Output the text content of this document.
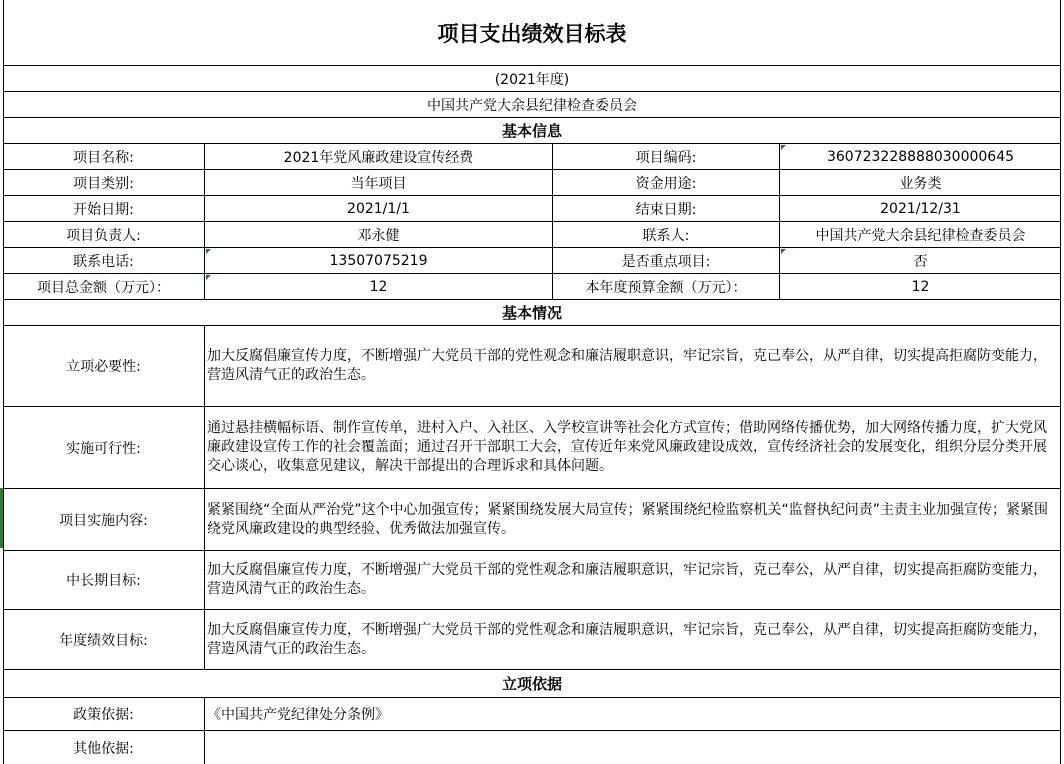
项目支出绩效目标表
(2021年度)
中国共产党大余县纪律检查委员会
基本信息
项目名称:	2021年党风廉政建设宣传经费	项目编码:	360723228888030000645
项目类别:	当年项目	资金用途:	业务类
开始日期:	2021/1/1	结束日期:	2021/12/31
项目负责人:	邓永健	联系人:	中国共产党大余县纪律检查委员会
联系电话:	13507075219	是否重点项目:	否
项目总金额（万元）：	12	本年度预算金额（万元）：	12
基本情况
立项必要性:
加大反腐倡廉宣传力度，不断增强广大党员干部的党性观念和廉洁履职意识，牢记宗旨，克己奉公，从严自律，切实提高拒腐防变能力，营造风清气正的政治生态。
实施可行性:
通过悬挂横幅标语、制作宣传单，进村入户、入社区、入学校宣讲等社会化方式宣传；借助网络传播优势，加大网络传播力度，扩大党风廉政建设宣传工作的社会覆盖面；通过召开干部职工大会，宣传近年来党风廉政建设成效，宣传经济社会的发展变化，组织分层分类开展交心谈心，收集意见建议，解决干部提出的合理诉求和具体问题。
项目实施内容:
紧紧围绕“全面从严治党”这个中心加强宣传；紧紧围绕发展大局宣传；紧紧围绕纪检监察机关“监督执纪问责”主责主业加强宣传；紧紧围绕党风廉政建设的典型经验、优秀做法加强宣传。
中长期目标:
加大反腐倡廉宣传力度，不断增强广大党员干部的党性观念和廉洁履职意识，牢记宗旨，克己奉公，从严自律，切实提高拒腐防变能力，营造风清气正的政治生态。
年度绩效目标:
加大反腐倡廉宣传力度，不断增强广大党员干部的党性观念和廉洁履职意识，牢记宗旨，克己奉公，从严自律，切实提高拒腐防变能力，营造风清气正的政治生态。
立项依据
政策依据:	《中国共产党纪律处分条例》
其他依据:
